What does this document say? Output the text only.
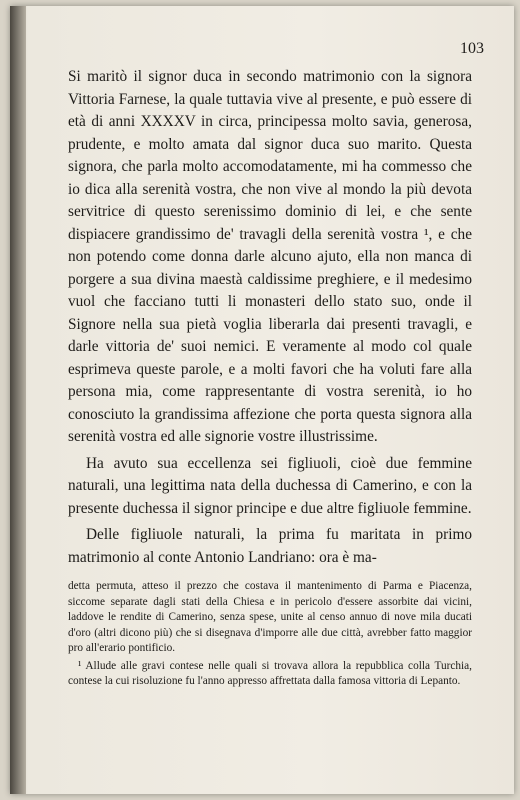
103

Si maritò il signor duca in secondo matrimonio con la signora Vittoria Farnese, la quale tuttavia vive al presente, e può essere di età di anni XXXXV in circa, principessa molto savia, generosa, prudente, e molto amata dal signor duca suo marito. Questa signora, che parla molto accomodatamente, mi ha commesso che io dica alla serenità vostra, che non vive al mondo la più devota servitrice di questo serenissimo dominio di lei, e che sente dispiacere grandissimo de' travagli della serenità vostra ¹, e che non potendo come donna darle alcuno ajuto, ella non manca di porgere a sua divina maestà caldissime preghiere, e il medesimo vuol che facciano tutti li monasteri dello stato suo, onde il Signore nella sua pietà voglia liberarla dai presenti travagli, e darle vittoria de' suoi nemici. E veramente al modo col quale esprimeva queste parole, e a molti favori che ha voluti fare alla persona mia, come rappresentante di vostra serenità, io ho conosciuto la grandissima affezione che porta questa signora alla serenità vostra ed alle signorie vostre illustrissime.

Ha avuto sua eccellenza sei figliuoli, cioè due femmine naturali, una legittima nata della duchessa di Camerino, e con la presente duchessa il signor principe e due altre figliuole femmine.

Delle figliuole naturali, la prima fu maritata in primo matrimonio al conte Antonio Landriano: ora è ma-

detta permuta, atteso il prezzo che costava il mantenimento di Parma e Piacenza, siccome separate dagli stati della Chiesa e in pericolo d'essere assorbite dai vicini, laddove le rendite di Camerino, senza spese, unite al censo annuo di nove mila ducati d'oro (altri dicono più) che si disegnava d'imporre alle due città, avrebber fatto maggior pro all'erario pontificio.

¹ Allude alle gravi contese nelle quali si trovava allora la repubblica colla Turchia, contese la cui risoluzione fu l'anno appresso affrettata dalla famosa vittoria di Lepanto.
